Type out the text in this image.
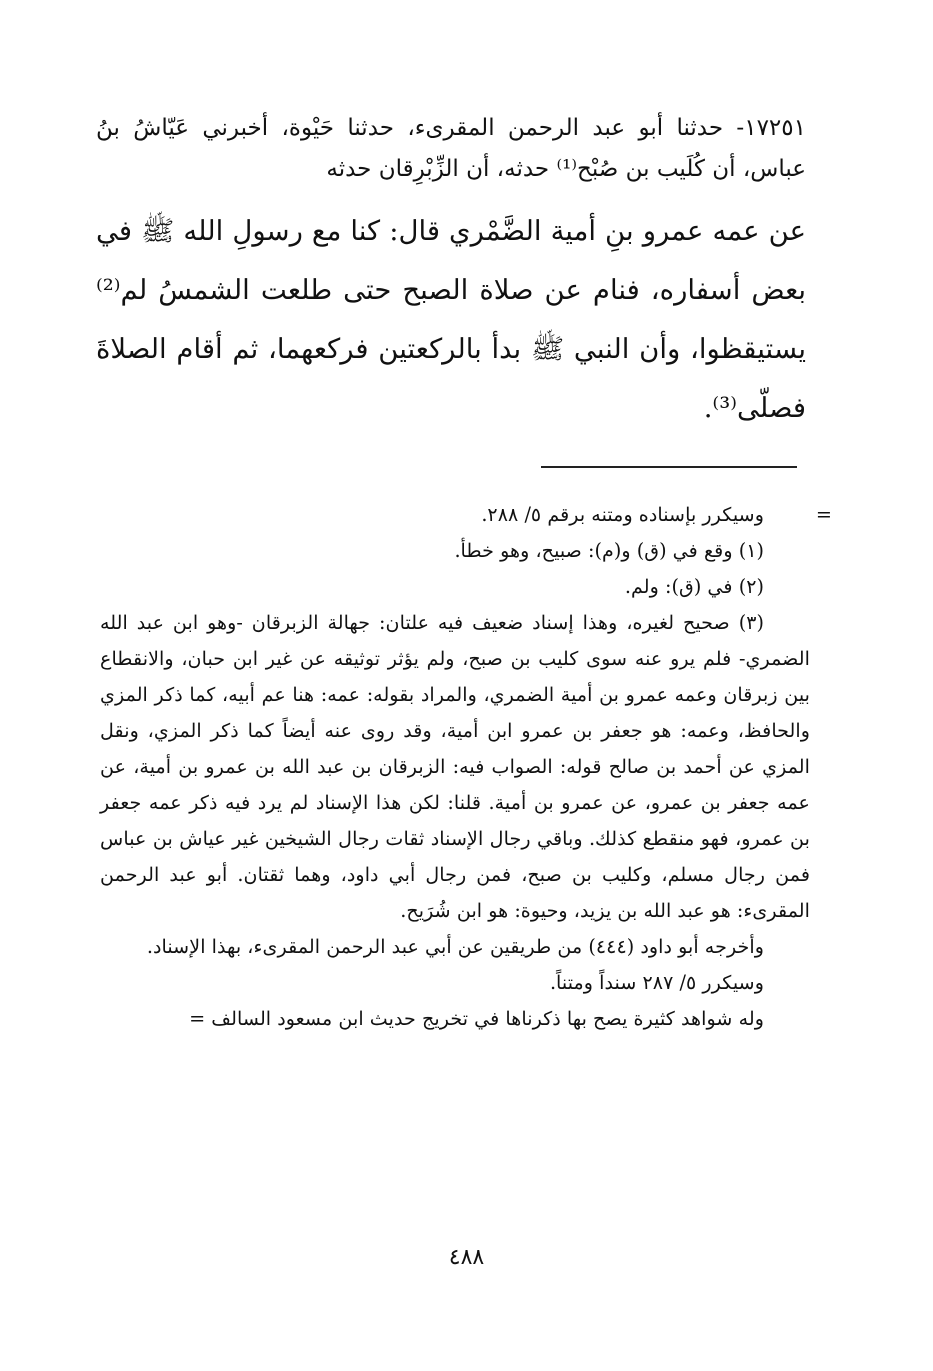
١٧٢٥١- حدثنا أبو عبد الرحمن المقرىء، حدثنا حَيْوة، أخبرني عَيّاشُ بنُ عباس، أن كُلَيب بن صُبْح⁽¹⁾ حدثه، أن الزِّبْرِقان حدثه

عن عمه عمرو بنِ أمية الضَّمْري قال: كنا مع رسولِ الله ﷺ في بعض أسفاره، فنام عن صلاة الصبح حتى طلعت الشمسُ لم⁽²⁾ يستيقظوا، وأن النبي ﷺ بدأ بالركعتين فركعهما، ثم أقام الصلاةَ فصلّى⁽³⁾.

=
وسيكرر بإسناده ومتنه برقم ٥/ ٢٨٨.

(١) وقع في (ق) و(م): صبيح، وهو خطأ.

(٢) في (ق): ولم.

(٣) صحيح لغيره، وهذا إسناد ضعيف فيه علتان: جهالة الزبرقان -وهو ابن عبد الله الضمري- فلم يرو عنه سوى كليب بن صبح، ولم يؤثر توثيقه عن غير ابن حبان، والانقطاع بين زبرقان وعمه عمرو بن أمية الضمري، والمراد بقوله: عمه: هنا عم أبيه، كما ذكر المزي والحافظ، وعمه: هو جعفر بن عمرو ابن أمية، وقد روى عنه أيضاً كما ذكر المزي، ونقل المزي عن أحمد بن صالح قوله: الصواب فيه: الزبرقان بن عبد الله بن عمرو بن أمية، عن عمه جعفر بن عمرو، عن عمرو بن أمية. قلنا: لكن هذا الإسناد لم يرد فيه ذكر عمه جعفر بن عمرو، فهو منقطع كذلك. وباقي رجال الإسناد ثقات رجال الشيخين غير عياش بن عباس فمن رجال مسلم، وكليب بن صبح، فمن رجال أبي داود، وهما ثقتان. أبو عبد الرحمن المقرىء: هو عبد الله بن يزيد، وحيوة: هو ابن شُرَيح.

وأخرجه أبو داود (٤٤٤) من طريقين عن أبي عبد الرحمن المقرىء، بهذا الإسناد.

وسيكرر ٥/ ٢٨٧ سنداً ومتناً.

وله شواهد كثيرة يصح بها ذكرناها في تخريج حديث ابن مسعود السالف =

٤٨٨
